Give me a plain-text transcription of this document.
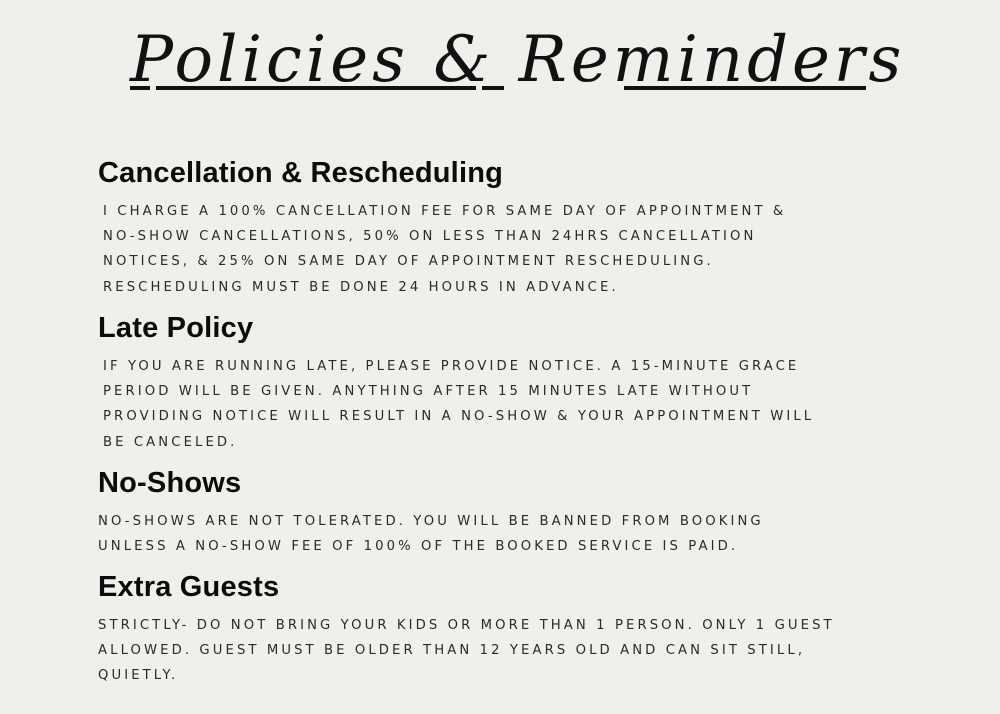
Policies & Reminders
Cancellation & Rescheduling

I CHARGE A 100% CANCELLATION FEE FOR SAME DAY OF APPOINTMENT &
NO-SHOW CANCELLATIONS, 50% ON LESS THAN 24HRS CANCELLATION
NOTICES, & 25% ON SAME DAY OF APPOINTMENT RESCHEDULING.
RESCHEDULING MUST BE DONE 24 HOURS IN ADVANCE.

Late Policy

IF YOU ARE RUNNING LATE, PLEASE PROVIDE NOTICE. A 15-MINUTE GRACE
PERIOD WILL BE GIVEN. ANYTHING AFTER 15 MINUTES LATE WITHOUT
PROVIDING NOTICE WILL RESULT IN A NO-SHOW & YOUR APPOINTMENT WILL
BE CANCELED.

No-Shows

NO-SHOWS ARE NOT TOLERATED. YOU WILL BE BANNED FROM BOOKING
UNLESS A NO-SHOW FEE OF 100% OF THE BOOKED SERVICE IS PAID.

Extra Guests

STRICTLY- DO NOT BRING YOUR KIDS OR MORE THAN 1 PERSON. ONLY 1 GUEST
ALLOWED. GUEST MUST BE OLDER THAN 12 YEARS OLD AND CAN SIT STILL,
QUIETLY.
